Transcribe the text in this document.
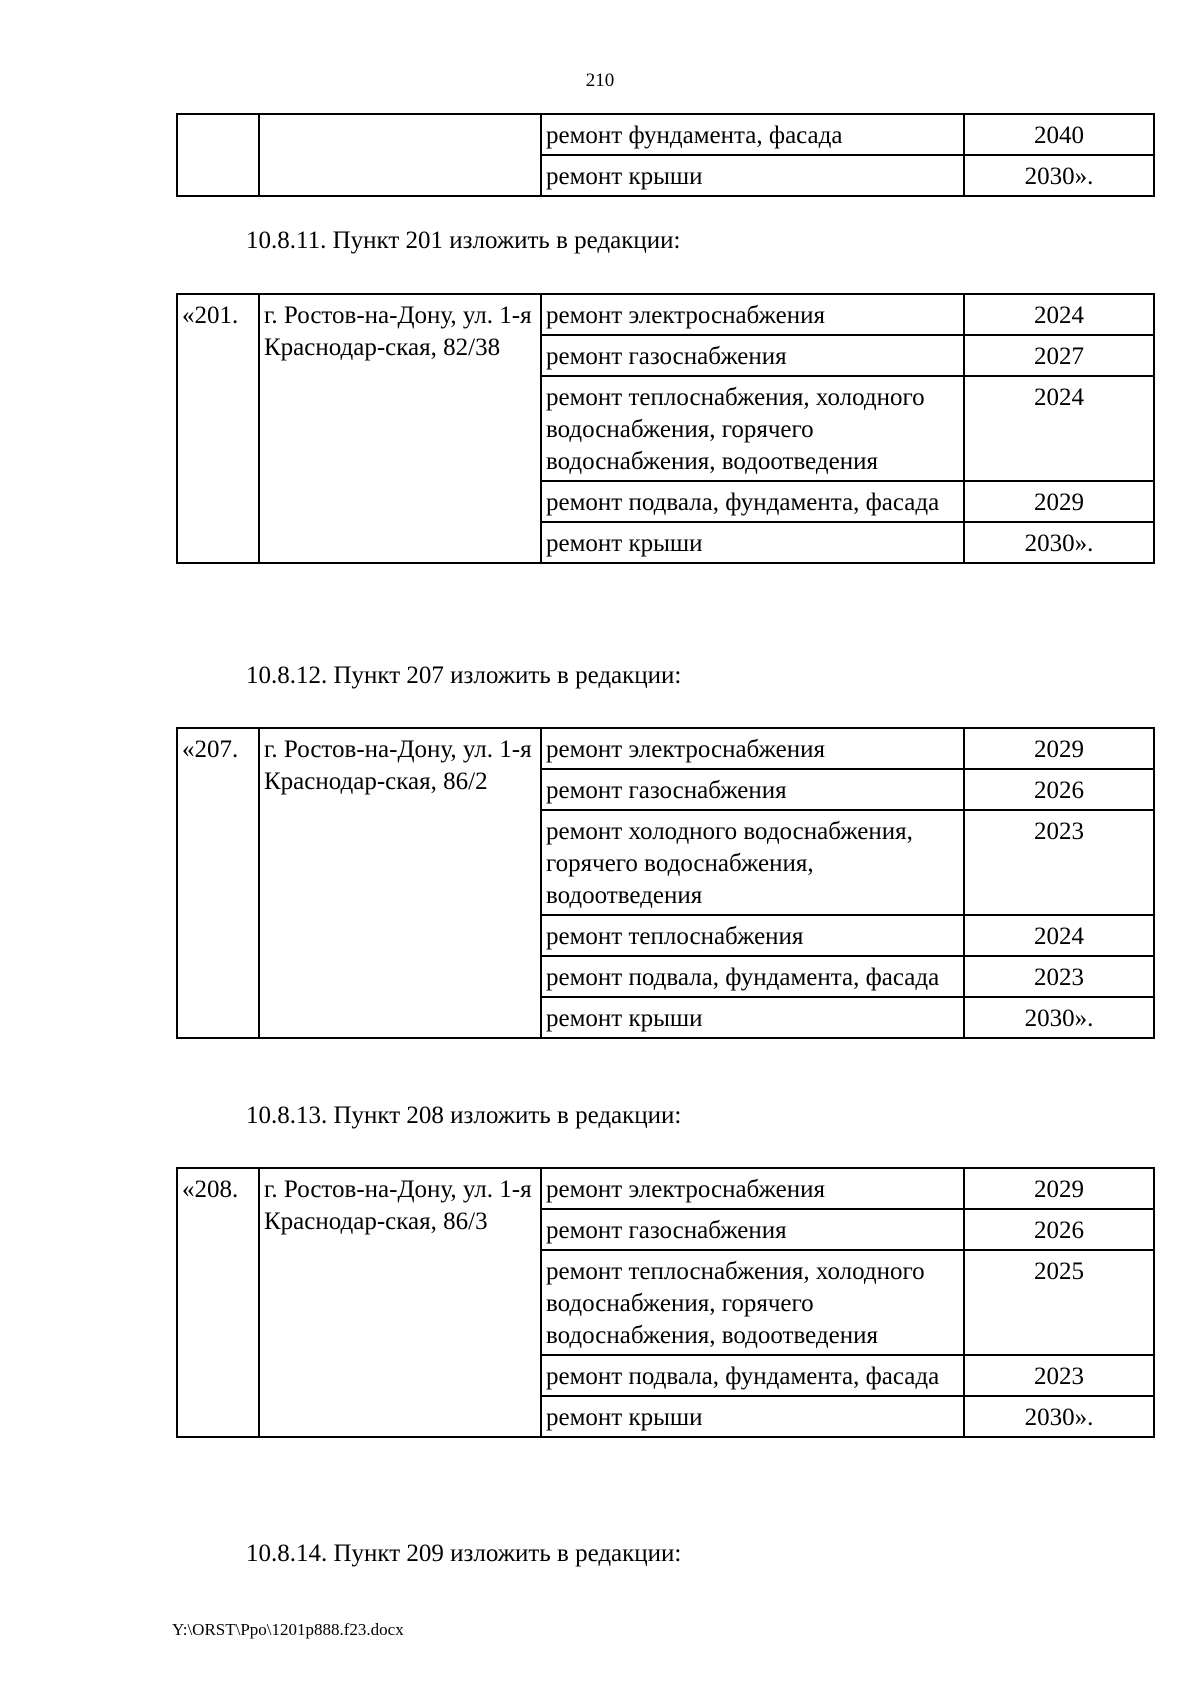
210
		ремонт фундамента, фасада	2040
		ремонт крыши	2030».
10.8.11. Пункт 201 изложить в редакции:
«201.	г. Ростов-на-Дону, ул. 1-я Краснодар-ская, 82/38	ремонт электроснабжения	2024
		ремонт газоснабжения	2027
		ремонт теплоснабжения, холодного водоснабжения, горячего водоснабжения, водоотведения	2024
		ремонт подвала, фундамента, фасада	2029
		ремонт крыши	2030».
10.8.12. Пункт 207 изложить в редакции:
«207.	г. Ростов-на-Дону, ул. 1-я Краснодар-ская, 86/2	ремонт электроснабжения	2029
		ремонт газоснабжения	2026
		ремонт холодного водоснабжения, горячего водоснабжения, водоотведения	2023
		ремонт теплоснабжения	2024
		ремонт подвала, фундамента, фасада	2023
		ремонт крыши	2030».
10.8.13. Пункт 208 изложить в редакции:
«208.	г. Ростов-на-Дону, ул. 1-я Краснодар-ская, 86/3	ремонт электроснабжения	2029
		ремонт газоснабжения	2026
		ремонт теплоснабжения, холодного водоснабжения, горячего водоснабжения, водоотведения	2025
		ремонт подвала, фундамента, фасада	2023
		ремонт крыши	2030».
10.8.14. Пункт 209 изложить в редакции:
Y:\ORST\Ppo\1201p888.f23.docx
